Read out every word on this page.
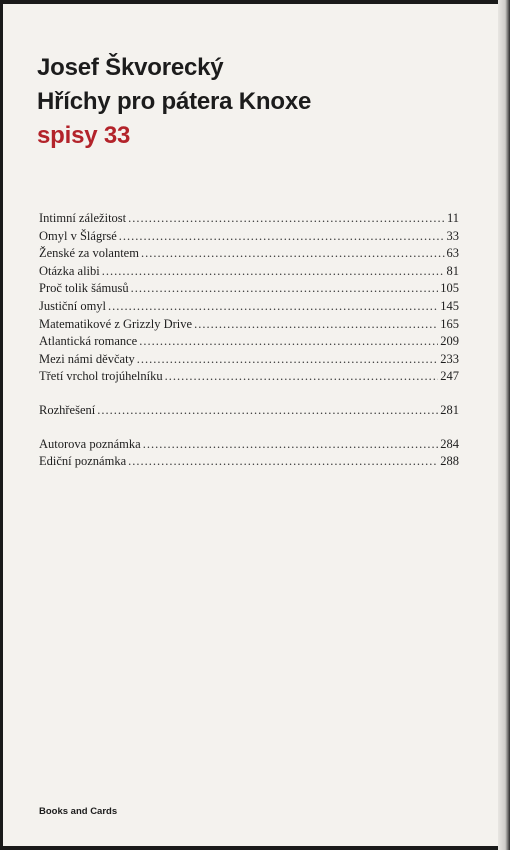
Josef Škvorecký
Hříchy pro pátera Knoxe
spisy 33
Intimní záležitost .....	11
Omyl v Šlágrsé .....	33
Ženské za volantem .....	63
Otázka alibi .....	81
Proč tolik šámusů .....	105
Justiční omyl .....	145
Matematikové z Grizzly Drive .....	165
Atlantická romance .....	209
Mezi námi děvčaty .....	233
Třetí vrchol trojúhelníku .....	247
Rozhřešení .....	281
Autorova poznámka .....	284
Ediční poznámka .....	288
Books and Cards
